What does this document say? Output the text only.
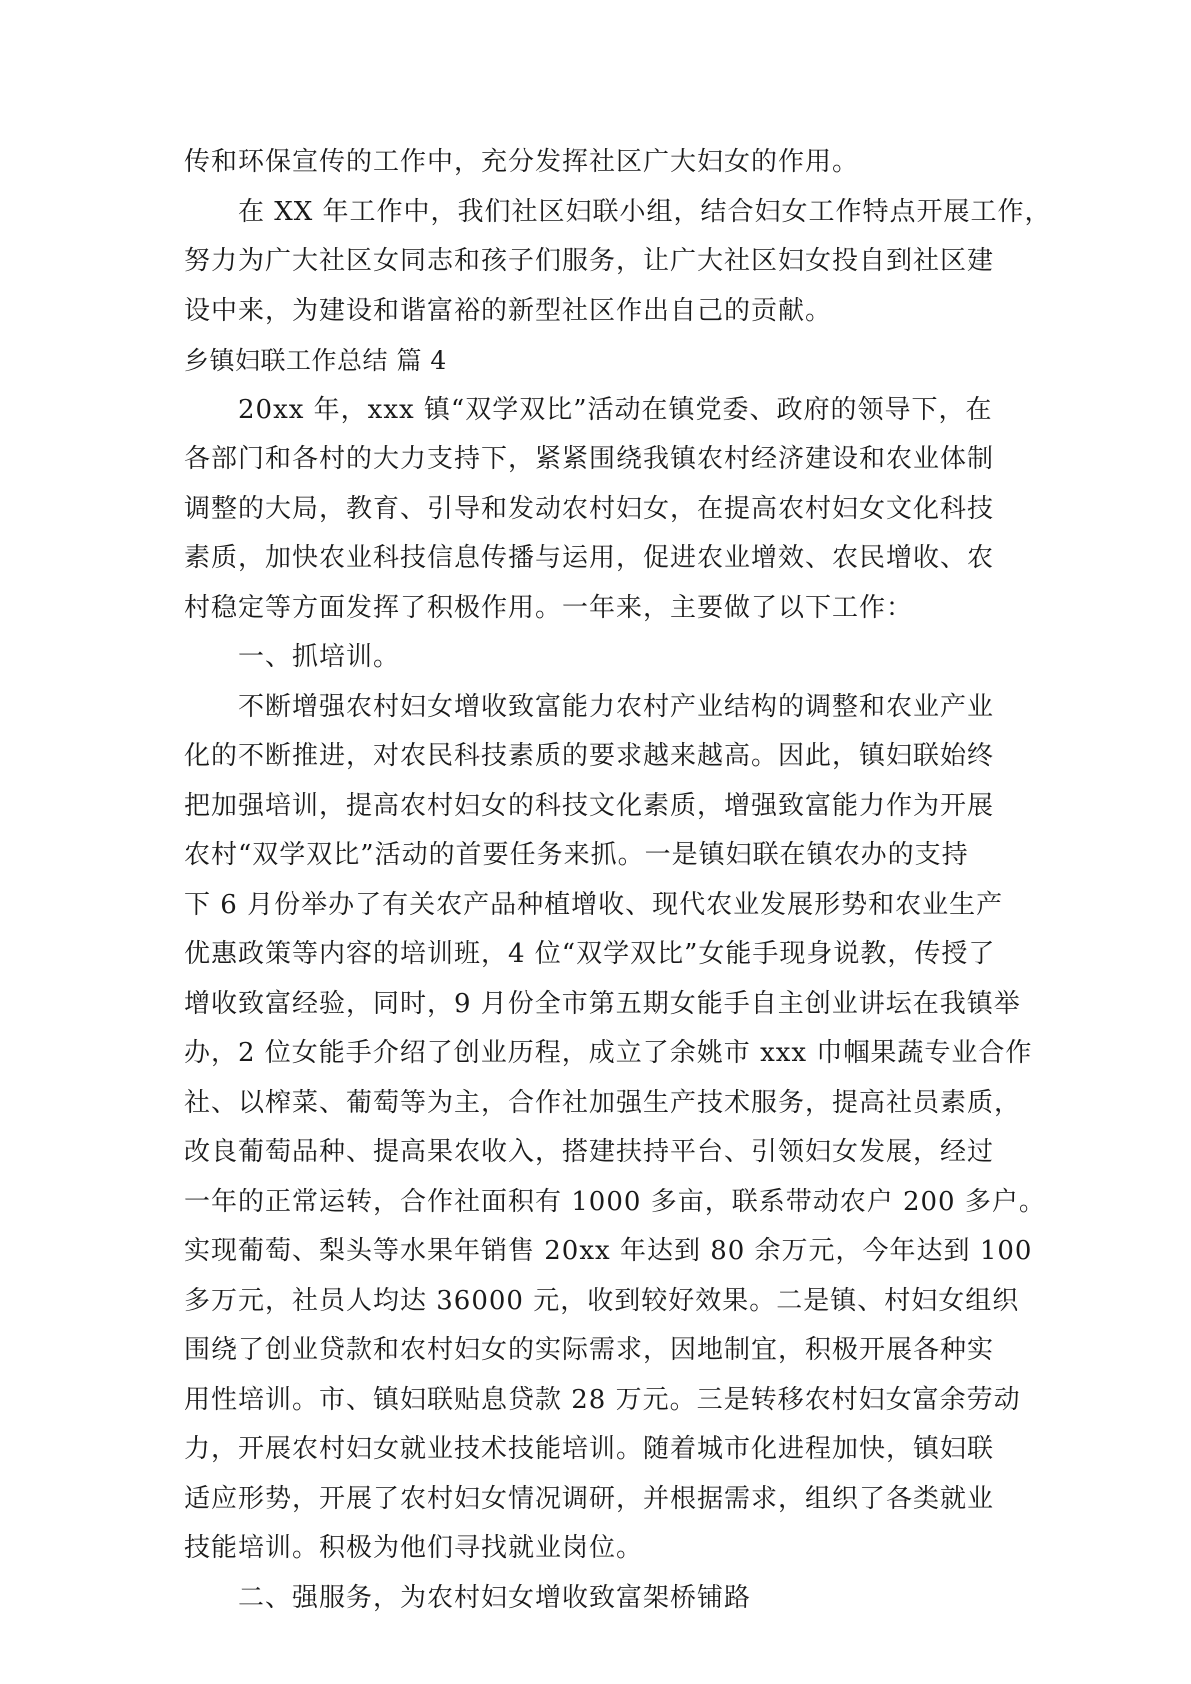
传和环保宣传的工作中，充分发挥社区广大妇女的作用。
在 XX 年工作中，我们社区妇联小组，结合妇女工作特点开展工作，
努力为广大社区女同志和孩子们服务，让广大社区妇女投自到社区建
设中来，为建设和谐富裕的新型社区作出自己的贡献。
乡镇妇联工作总结 篇 4
20xx 年，xxx 镇“双学双比”活动在镇党委、政府的领导下，在
各部门和各村的大力支持下，紧紧围绕我镇农村经济建设和农业体制
调整的大局，教育、引导和发动农村妇女，在提高农村妇女文化科技
素质，加快农业科技信息传播与运用，促进农业增效、农民增收、农
村稳定等方面发挥了积极作用。一年来，主要做了以下工作：
一、抓培训。
不断增强农村妇女增收致富能力农村产业结构的调整和农业产业
化的不断推进，对农民科技素质的要求越来越高。因此，镇妇联始终
把加强培训，提高农村妇女的科技文化素质，增强致富能力作为开展
农村“双学双比”活动的首要任务来抓。一是镇妇联在镇农办的支持
下 6 月份举办了有关农产品种植增收、现代农业发展形势和农业生产
优惠政策等内容的培训班，4 位“双学双比”女能手现身说教，传授了
增收致富经验，同时，9 月份全市第五期女能手自主创业讲坛在我镇举
办，2 位女能手介绍了创业历程，成立了余姚市 xxx 巾帼果蔬专业合作
社、以榨菜、葡萄等为主，合作社加强生产技术服务，提高社员素质，
改良葡萄品种、提高果农收入，搭建扶持平台、引领妇女发展，经过
一年的正常运转，合作社面积有 1000 多亩，联系带动农户 200 多户。
实现葡萄、梨头等水果年销售 20xx 年达到 80 余万元，今年达到 100
多万元，社员人均达 36000 元，收到较好效果。二是镇、村妇女组织
围绕了创业贷款和农村妇女的实际需求，因地制宜，积极开展各种实
用性培训。市、镇妇联贴息贷款 28 万元。三是转移农村妇女富余劳动
力，开展农村妇女就业技术技能培训。随着城市化进程加快，镇妇联
适应形势，开展了农村妇女情况调研，并根据需求，组织了各类就业
技能培训。积极为他们寻找就业岗位。
二、强服务，为农村妇女增收致富架桥铺路
